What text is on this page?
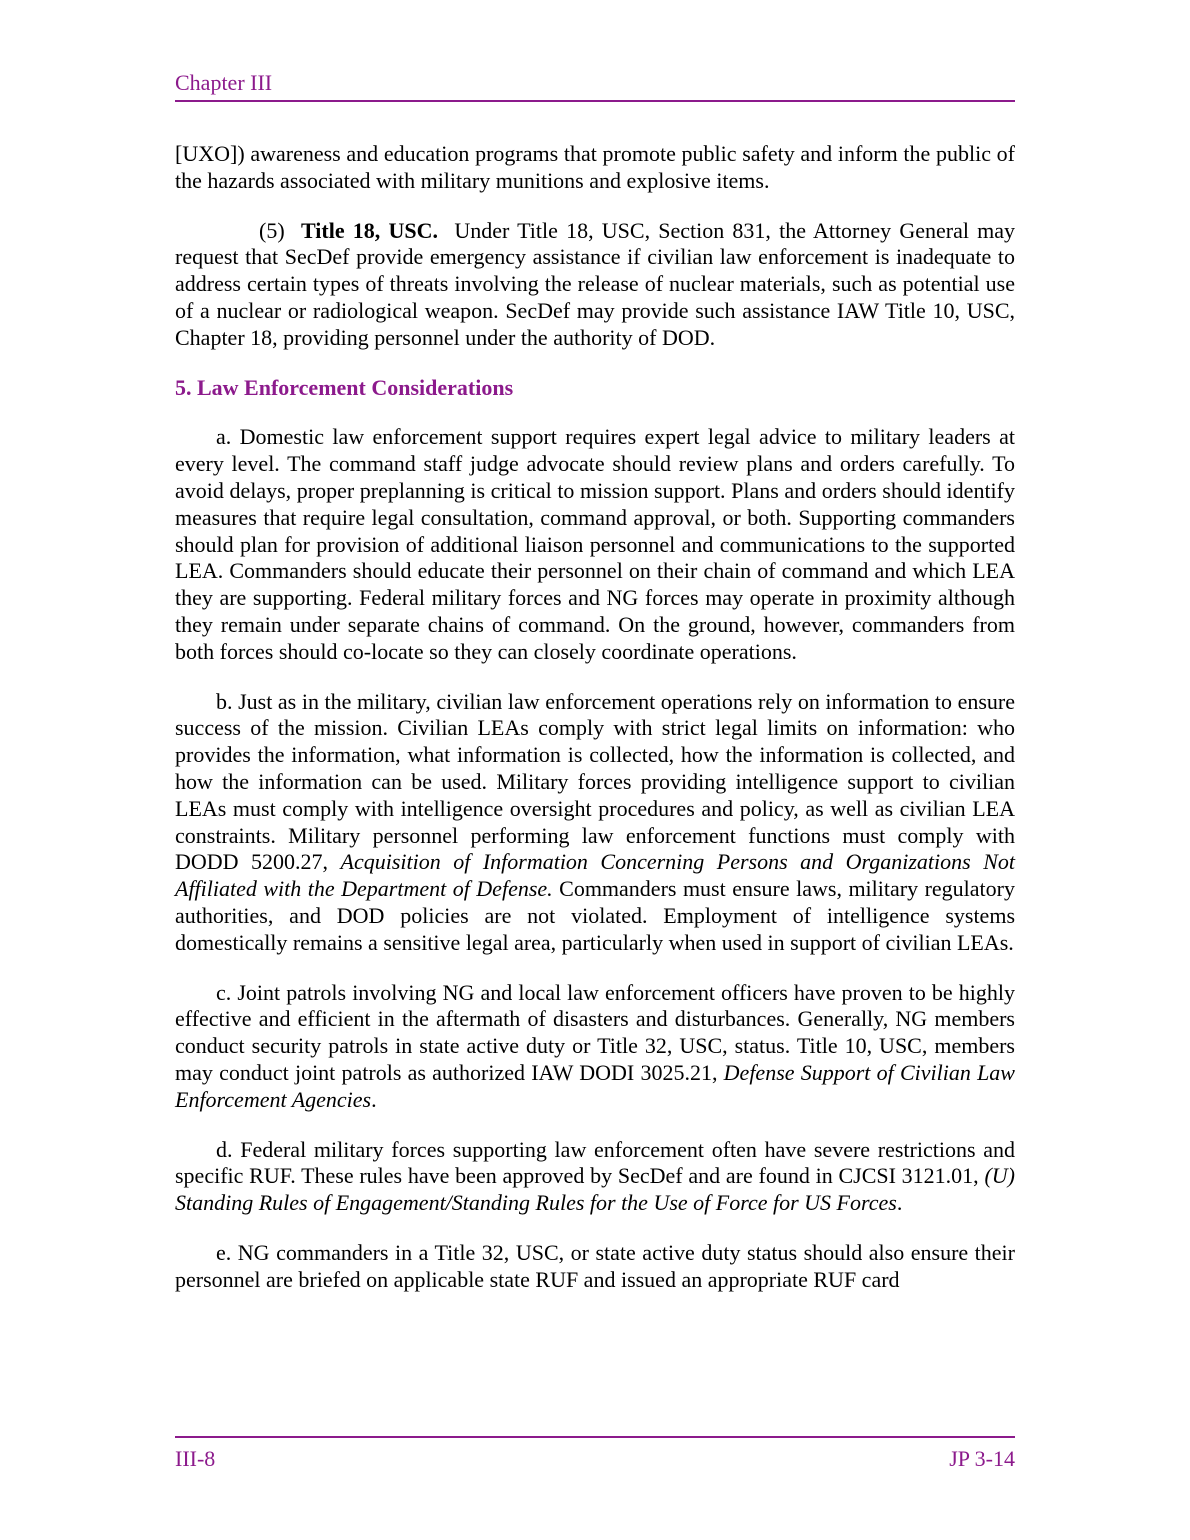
Chapter III

[UXO]) awareness and education programs that promote public safety and inform the public of the hazards associated with military munitions and explosive items.

(5) Title 18, USC. Under Title 18, USC, Section 831, the Attorney General may request that SecDef provide emergency assistance if civilian law enforcement is inadequate to address certain types of threats involving the release of nuclear materials, such as potential use of a nuclear or radiological weapon. SecDef may provide such assistance IAW Title 10, USC, Chapter 18, providing personnel under the authority of DOD.

5. Law Enforcement Considerations

a. Domestic law enforcement support requires expert legal advice to military leaders at every level. The command staff judge advocate should review plans and orders carefully. To avoid delays, proper preplanning is critical to mission support. Plans and orders should identify measures that require legal consultation, command approval, or both. Supporting commanders should plan for provision of additional liaison personnel and communications to the supported LEA. Commanders should educate their personnel on their chain of command and which LEA they are supporting. Federal military forces and NG forces may operate in proximity although they remain under separate chains of command. On the ground, however, commanders from both forces should co-locate so they can closely coordinate operations.

b. Just as in the military, civilian law enforcement operations rely on information to ensure success of the mission. Civilian LEAs comply with strict legal limits on information: who provides the information, what information is collected, how the information is collected, and how the information can be used. Military forces providing intelligence support to civilian LEAs must comply with intelligence oversight procedures and policy, as well as civilian LEA constraints. Military personnel performing law enforcement functions must comply with DODD 5200.27, Acquisition of Information Concerning Persons and Organizations Not Affiliated with the Department of Defense. Commanders must ensure laws, military regulatory authorities, and DOD policies are not violated. Employment of intelligence systems domestically remains a sensitive legal area, particularly when used in support of civilian LEAs.

c. Joint patrols involving NG and local law enforcement officers have proven to be highly effective and efficient in the aftermath of disasters and disturbances. Generally, NG members conduct security patrols in state active duty or Title 32, USC, status. Title 10, USC, members may conduct joint patrols as authorized IAW DODI 3025.21, Defense Support of Civilian Law Enforcement Agencies.

d. Federal military forces supporting law enforcement often have severe restrictions and specific RUF. These rules have been approved by SecDef and are found in CJCSI 3121.01, (U) Standing Rules of Engagement/Standing Rules for the Use of Force for US Forces.

e. NG commanders in a Title 32, USC, or state active duty status should also ensure their personnel are briefed on applicable state RUF and issued an appropriate RUF card

III-8	JP 3-14
